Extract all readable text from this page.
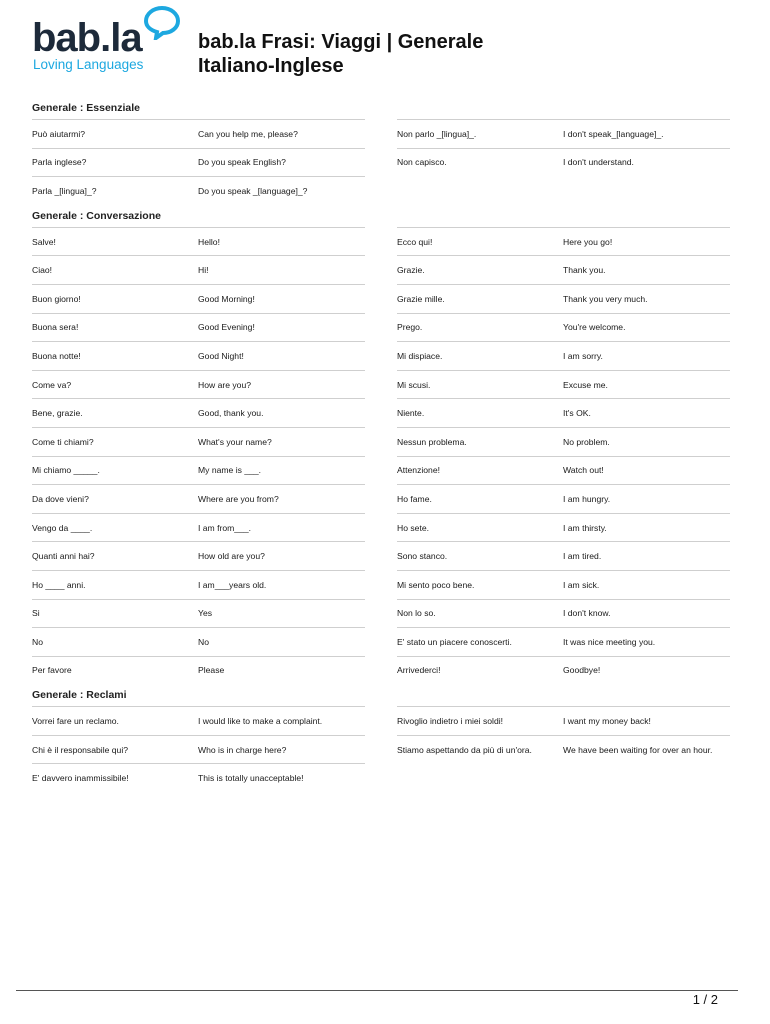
bab.la
Loving Languages
bab.la Frasi: Viaggi | Generale
Italiano-Inglese
Generale : Essenziale
Può aiutarmi?	Can you help me, please?
Parla inglese?	Do you speak English?
Parla _[lingua]_?	Do you speak _[language]_?
Non parlo _[lingua]_.	I don't speak_[language]_.
Non capisco.	I don't understand.
Generale : Conversazione
Salve!	Hello!
Ciao!	Hi!
Buon giorno!	Good Morning!
Buona sera!	Good Evening!
Buona notte!	Good Night!
Come va?	How are you?
Bene, grazie.	Good, thank you.
Come ti chiami?	What's your name?
Mi chiamo _____.	My name is ___.
Da dove vieni?	Where are you from?
Vengo da ____.	I am from___.
Quanti anni hai?	How old are you?
Ho ____ anni.	I am___years old.
Si	Yes
No	No
Per favore	Please
Ecco qui!	Here you go!
Grazie.	Thank you.
Grazie mille.	Thank you very much.
Prego.	You're welcome.
Mi dispiace.	I am sorry.
Mi scusi.	Excuse me.
Niente.	It's OK.
Nessun problema.	No problem.
Attenzione!	Watch out!
Ho fame.	I am hungry.
Ho sete.	I am thirsty.
Sono stanco.	I am tired.
Mi sento poco bene.	I am sick.
Non lo so.	I don't know.
E' stato un piacere conoscerti.	It was nice meeting you.
Arrivederci!	Goodbye!
Generale : Reclami
Vorrei fare un reclamo.	I would like to make a complaint.
Chi è il responsabile qui?	Who is in charge here?
E' davvero inammissibile!	This is totally unacceptable!
Rivoglio indietro i miei soldi!	I want my money back!
Stiamo aspettando da più di un'ora.	We have been waiting for over an hour.
1 / 2
